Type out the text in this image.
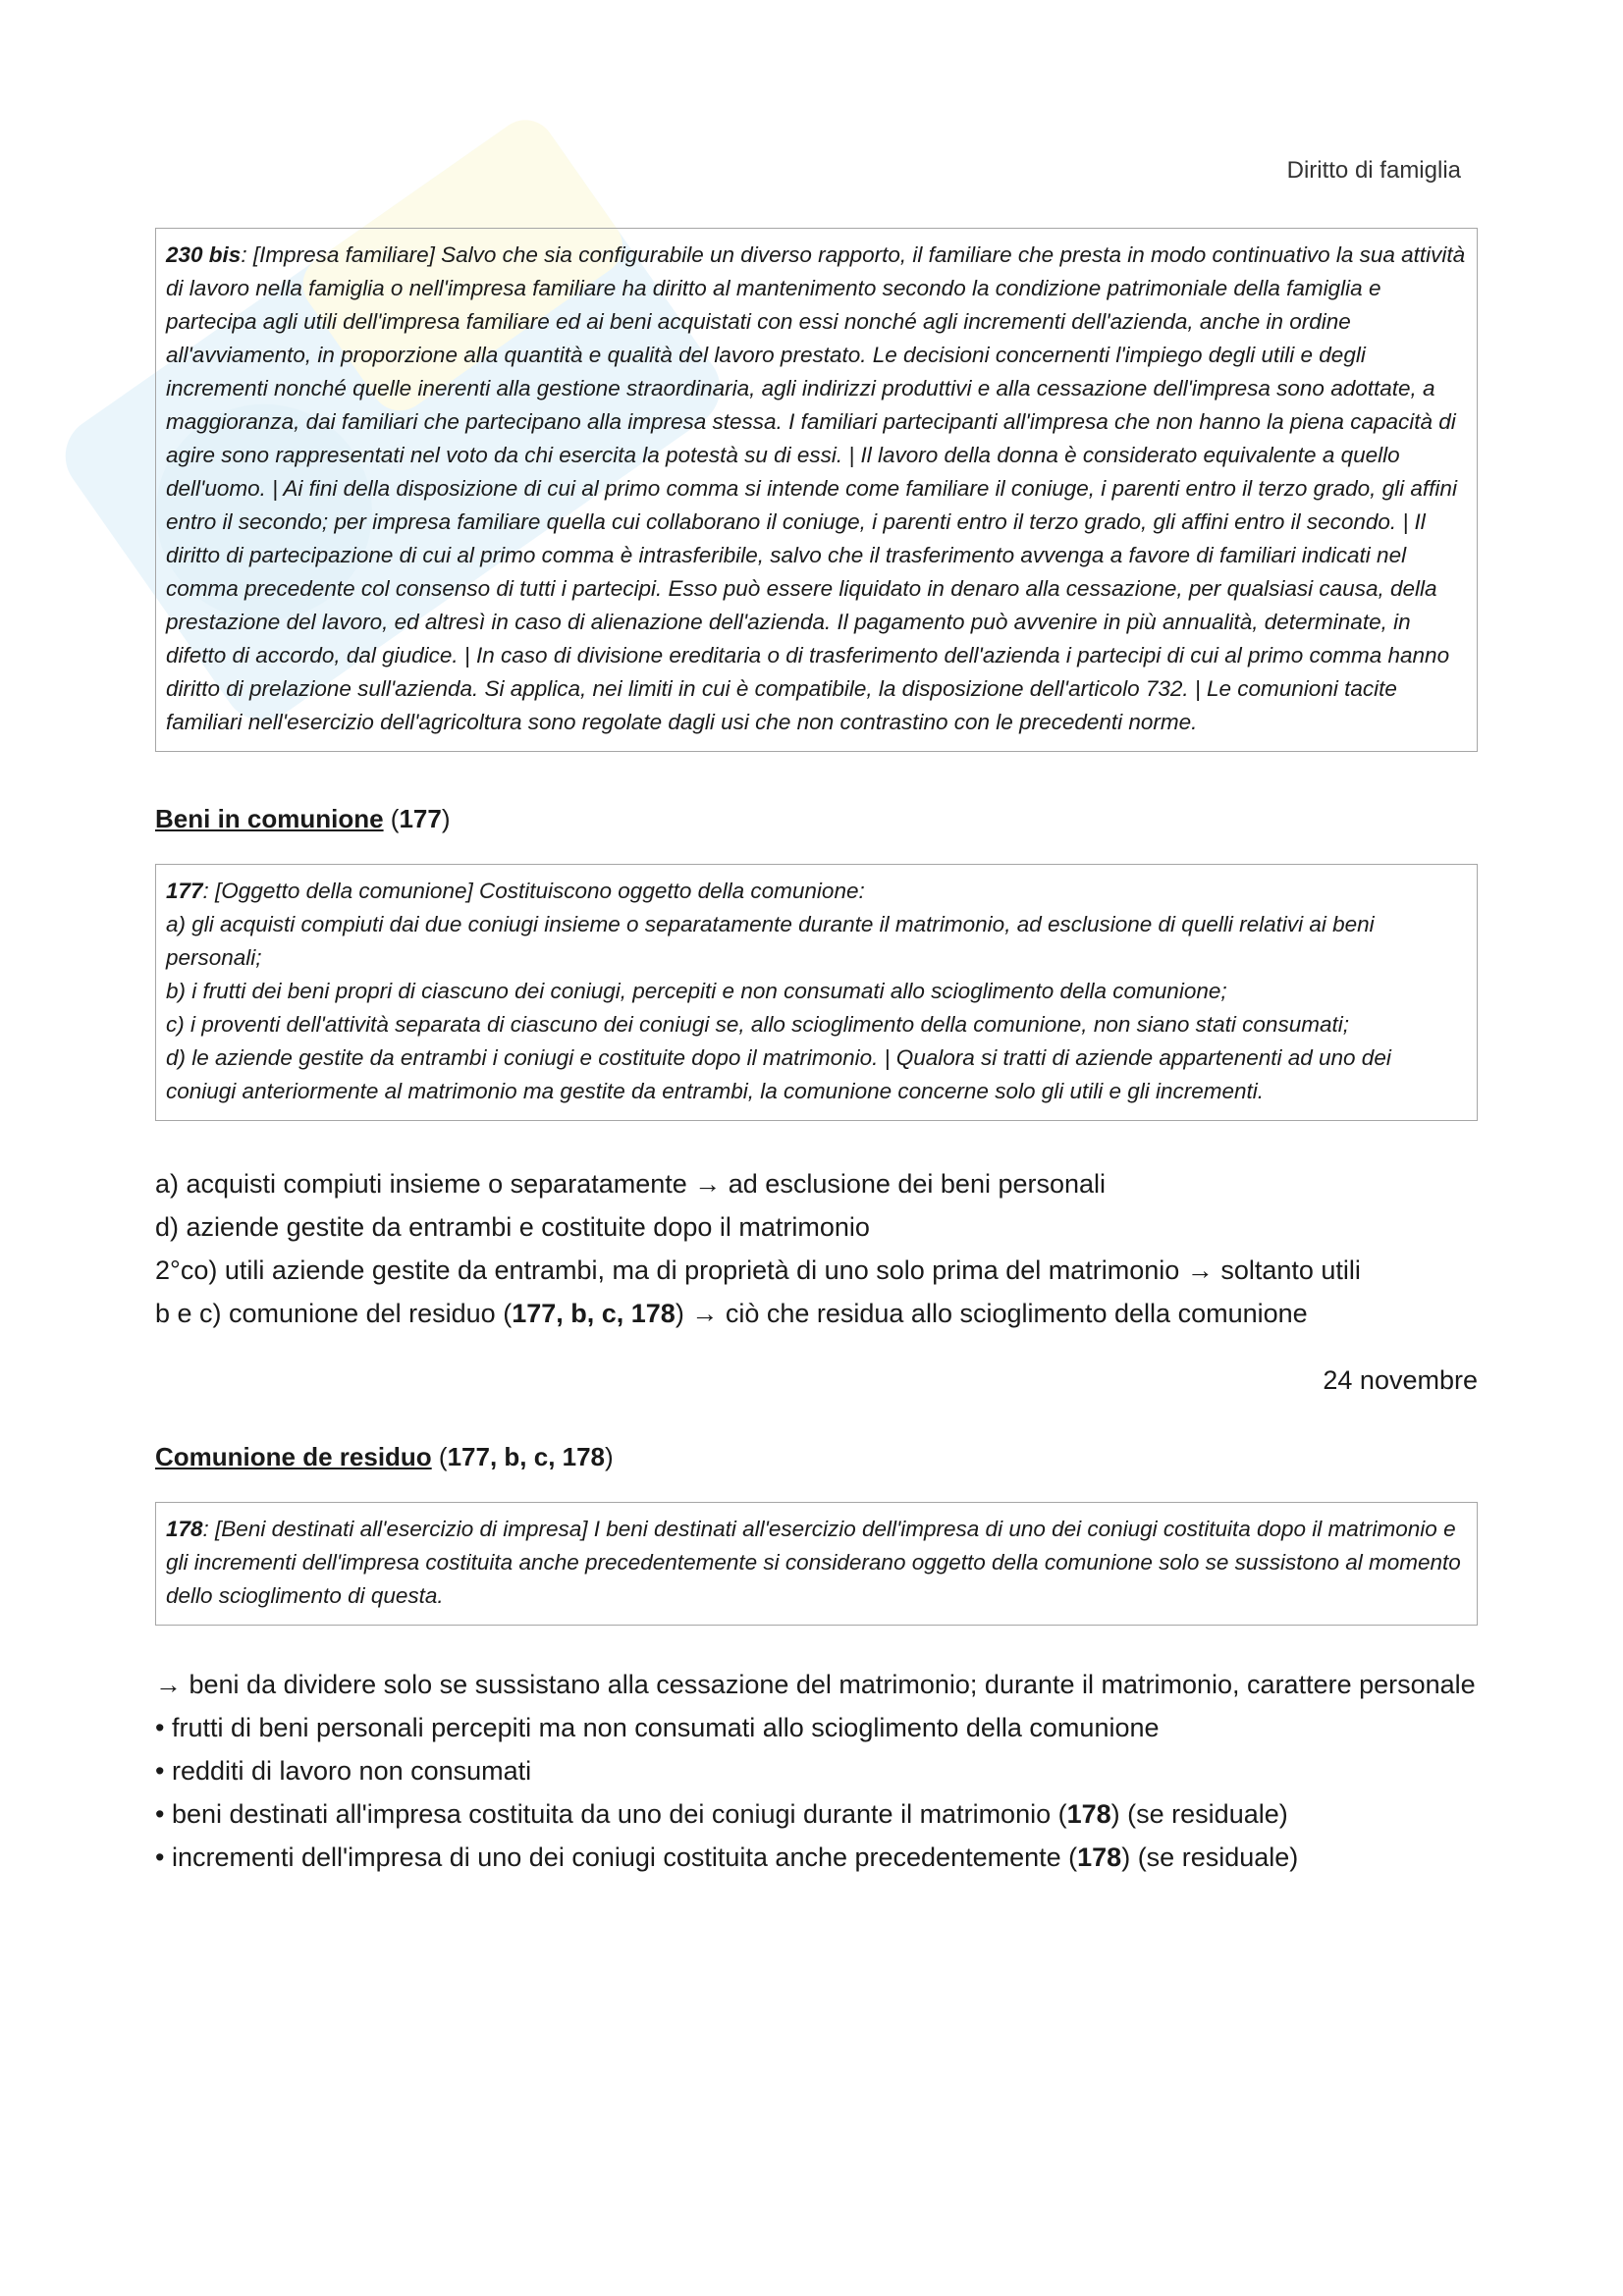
Diritto di famiglia

230 bis: [Impresa familiare] Salvo che sia configurabile un diverso rapporto, il familiare che presta in modo continuativo la sua attività di lavoro nella famiglia o nell'impresa familiare ha diritto al mantenimento secondo la condizione patrimoniale della famiglia e partecipa agli utili dell'impresa familiare ed ai beni acquistati con essi nonché agli incrementi dell'azienda, anche in ordine all'avviamento, in proporzione alla quantità e qualità del lavoro prestato. Le decisioni concernenti l'impiego degli utili e degli incrementi nonché quelle inerenti alla gestione straordinaria, agli indirizzi produttivi e alla cessazione dell'impresa sono adottate, a maggioranza, dai familiari che partecipano alla impresa stessa. I familiari partecipanti all'impresa che non hanno la piena capacità di agire sono rappresentati nel voto da chi esercita la potestà su di essi. | Il lavoro della donna è considerato equivalente a quello dell'uomo. | Ai fini della disposizione di cui al primo comma si intende come familiare il coniuge, i parenti entro il terzo grado, gli affini entro il secondo; per impresa familiare quella cui collaborano il coniuge, i parenti entro il terzo grado, gli affini entro il secondo. | Il diritto di partecipazione di cui al primo comma è intrasferibile, salvo che il trasferimento avvenga a favore di familiari indicati nel comma precedente col consenso di tutti i partecipi. Esso può essere liquidato in denaro alla cessazione, per qualsiasi causa, della prestazione del lavoro, ed altresì in caso di alienazione dell'azienda. Il pagamento può avvenire in più annualità, determinate, in difetto di accordo, dal giudice. | In caso di divisione ereditaria o di trasferimento dell'azienda i partecipi di cui al primo comma hanno diritto di prelazione sull'azienda. Si applica, nei limiti in cui è compatibile, la disposizione dell'articolo 732. | Le comunioni tacite familiari nell'esercizio dell'agricoltura sono regolate dagli usi che non contrastino con le precedenti norme.

Beni in comunione (177)

177: [Oggetto della comunione] Costituiscono oggetto della comunione:

a) gli acquisti compiuti dai due coniugi insieme o separatamente durante il matrimonio, ad esclusione di quelli relativi ai beni personali;

b) i frutti dei beni propri di ciascuno dei coniugi, percepiti e non consumati allo scioglimento della comunione;

c) i proventi dell'attività separata di ciascuno dei coniugi se, allo scioglimento della comunione, non siano stati consumati;

d) le aziende gestite da entrambi i coniugi e costituite dopo il matrimonio. | Qualora si tratti di aziende appartenenti ad uno dei coniugi anteriormente al matrimonio ma gestite da entrambi, la comunione concerne solo gli utili e gli incrementi.

a) acquisti compiuti insieme o separatamente → ad esclusione dei beni personali

d) aziende gestite da entrambi e costituite dopo il matrimonio

2°co) utili aziende gestite da entrambi, ma di proprietà di uno solo prima del matrimonio → soltanto utili

b e c) comunione del residuo (177, b, c, 178) → ciò che residua allo scioglimento della comunione

24 novembre

Comunione de residuo (177, b, c, 178)

178: [Beni destinati all'esercizio di impresa] I beni destinati all'esercizio dell'impresa di uno dei coniugi costituita dopo il matrimonio e gli incrementi dell'impresa costituita anche precedentemente si considerano oggetto della comunione solo se sussistono al momento dello scioglimento di questa.

→ beni da dividere solo se sussistano alla cessazione del matrimonio; durante il matrimonio, carattere personale

• frutti di beni personali percepiti ma non consumati allo scioglimento della comunione

• redditi di lavoro non consumati

• beni destinati all'impresa costituita da uno dei coniugi durante il matrimonio (178) (se residuale)

• incrementi dell'impresa di uno dei coniugi costituita anche precedentemente (178) (se residuale)
